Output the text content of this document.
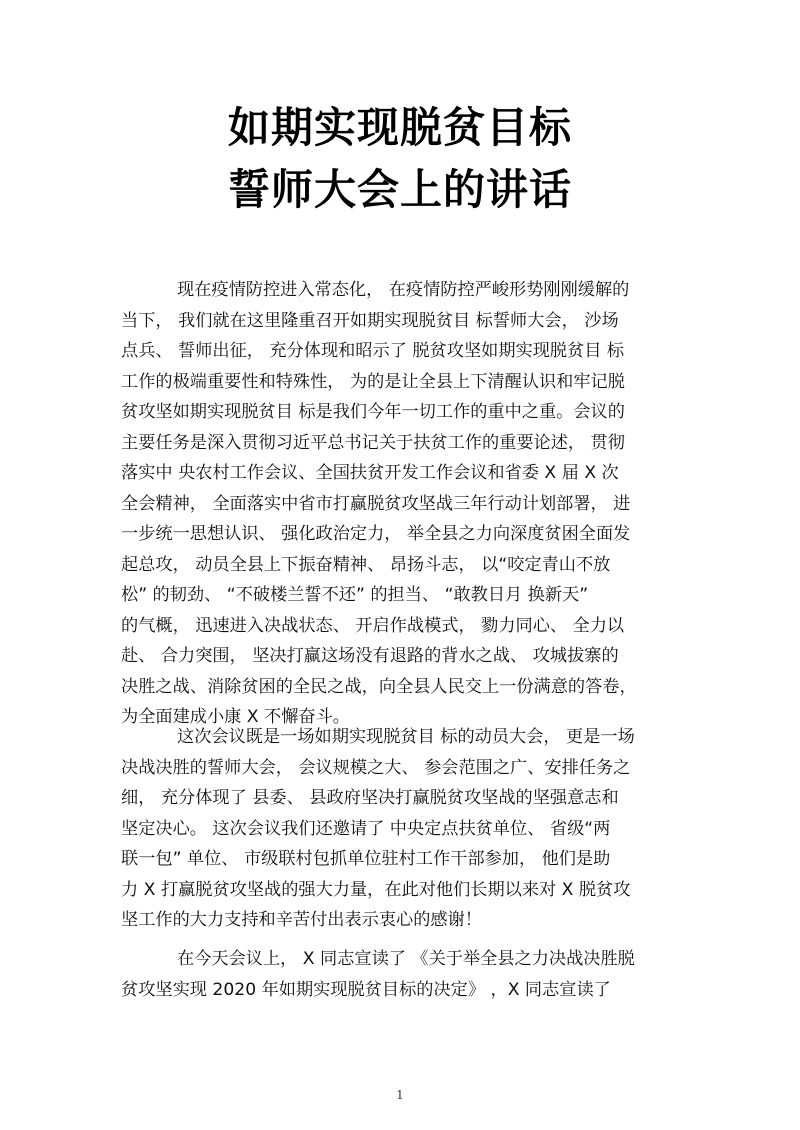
如期实现脱贫目标
誓师大会上的讲话
现在疫情防控进入常态化， 在疫情防控严峻形势刚刚缓解的
当下， 我们就在这里隆重召开如期实现脱贫目 标誓师大会， 沙场
点兵、 誓师出征， 充分体现和昭示了 脱贫攻坚如期实现脱贫目 标
工作的极端重要性和特殊性， 为的是让全县上下清醒认识和牢记脱
贫攻坚如期实现脱贫目 标是我们今年一切工作的重中之重。会议的
主要任务是深入贯彻习近平总书记关于扶贫工作的重要论述， 贯彻
落实中 央农村工作会议、全国扶贫开发工作会议和省委 X 届 X 次
全会精神， 全面落实中省市打赢脱贫攻坚战三年行动计划部署， 进
一步统一思想认识、 强化政治定力， 举全县之力向深度贫困全面发
起总攻， 动员全县上下振奋精神、 昂扬斗志， 以“咬定青山不放
松” 的韧劲、 “不破楼兰誓不还” 的担当、 “敢教日月 换新天”
的气概， 迅速进入决战状态、 开启作战模式， 勠力同心、 全力以
赴、 合力突围， 坚决打赢这场没有退路的背水之战、 攻城拔寨的
决胜之战、消除贫困的全民之战，向全县人民交上一份满意的答卷，
为全面建成小康 X 不懈奋斗。
这次会议既是一场如期实现脱贫目 标的动员大会， 更是一场
决战决胜的誓师大会， 会议规模之大、 参会范围之广、安排任务之
细， 充分体现了 县委、 县政府坚决打赢脱贫攻坚战的坚强意志和
坚定决心。 这次会议我们还邀请了 中央定点扶贫单位、 省级“两
联一包” 单位、 市级联村包抓单位驻村工作干部参加， 他们是助
力 X 打赢脱贫攻坚战的强大力量，在此对他们长期以来对 X 脱贫攻
坚工作的大力支持和辛苦付出表示衷心的感谢！
在今天会议上， X 同志宣读了 《关于举全县之力决战决胜脱
贫攻坚实现 2020 年如期实现脱贫目标的决定》 ，X 同志宣读了
1
